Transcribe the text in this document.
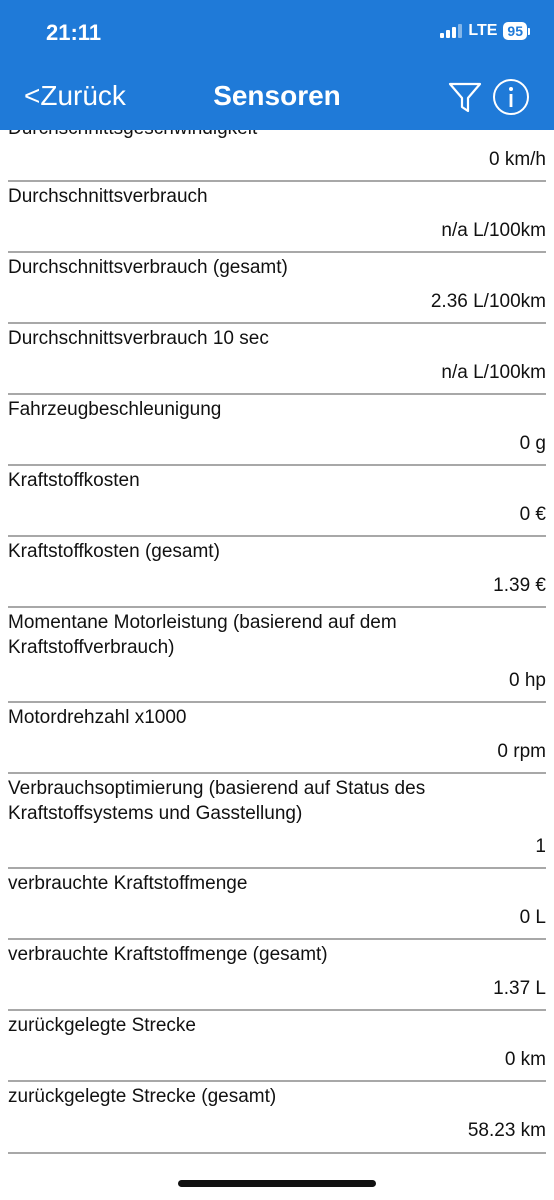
21:11	LTE 95
<Zurück	Sensoren
0 km/h
Durchschnittsverbrauch
n/a L/100km
Durchschnittsverbrauch (gesamt)
2.36 L/100km
Durchschnittsverbrauch 10 sec
n/a L/100km
Fahrzeugbeschleunigung
0 g
Kraftstoffkosten
0 €
Kraftstoffkosten (gesamt)
1.39 €
Momentane Motorleistung (basierend auf dem Kraftstoffverbrauch)
0 hp
Motordrehzahl x1000
0 rpm
Verbrauchsoptimierung (basierend auf Status des Kraftstoffsystems und Gasstellung)
1
verbrauchte Kraftstoffmenge
0 L
verbrauchte Kraftstoffmenge (gesamt)
1.37 L
zurückgelegte Strecke
0 km
zurückgelegte Strecke (gesamt)
58.23 km
